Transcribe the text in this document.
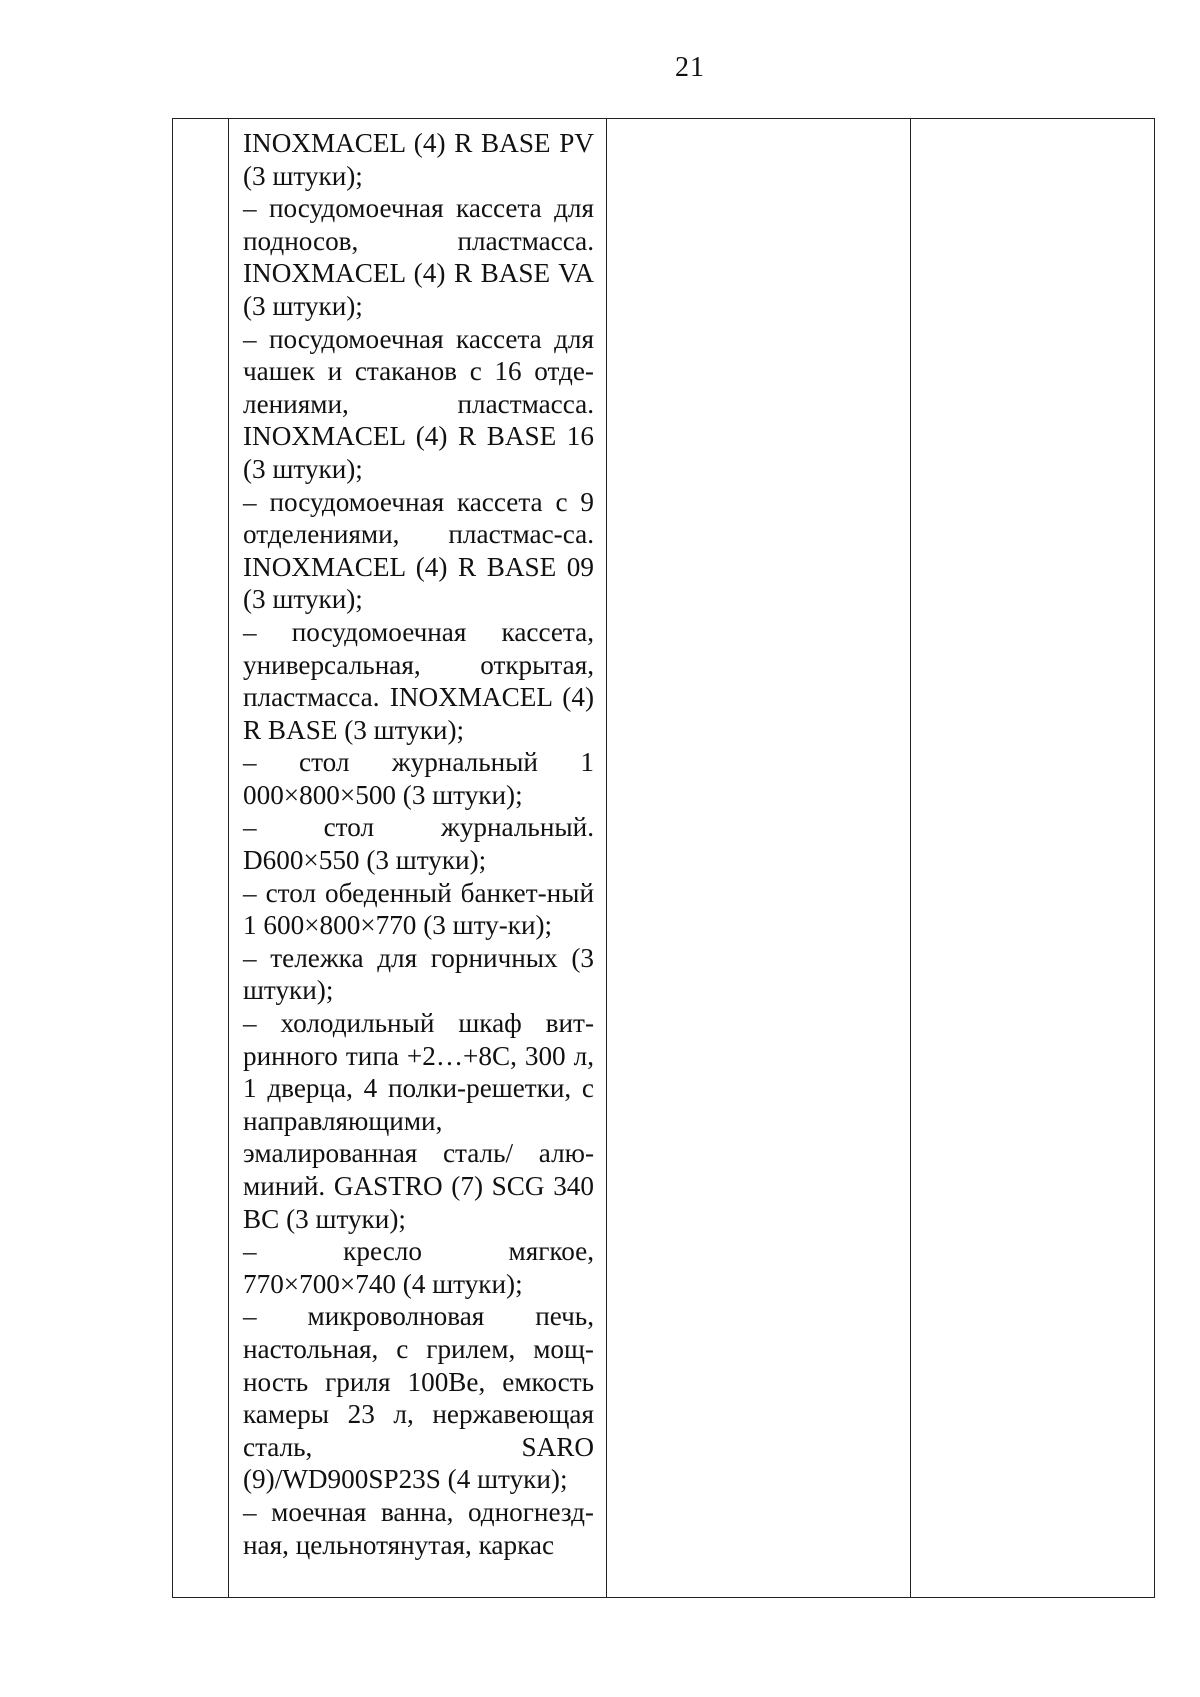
21

INOXMACEL (4) R BASE PV (3 штуки);
– посудомоечная кассета для подносов, пластмасса. INOXMACEL (4) R BASE VA (3 штуки);
– посудомоечная кассета для чашек и стаканов с 16 отде-лениями, пластмасса. INOXMACEL (4) R BASE 16 (3 штуки);
– посудомоечная кассета с 9 отделениями, пластмас-са. INOXMACEL (4) R BASE 09 (3 штуки);
– посудомоечная кассета, универсальная, открытая, пластмасса. INOXMACEL (4) R BASE (3 штуки);
– стол журнальный 1 000×800×500 (3 штуки);
– стол журнальный. D600×550 (3 штуки);
– стол обеденный банкет-ный 1 600×800×770 (3 шту-ки);
– тележка для горничных (3 штуки);
– холодильный шкаф вит-ринного типа +2…+8С, 300 л, 1 дверца, 4 полки-решетки, с направляющими, эмалированная сталь/ алю-миний. GASTRO (7) SCG 340 BC (3 штуки);
– кресло мягкое, 770×700×740 (4 штуки);
– микроволновая печь, настольная, с грилем, мощ-ность гриля 100Ве, емкость камеры 23 л, нержавеющая сталь, SARO (9)/WD900SP23S (4 штуки);
– моечная ванна, одногнезд-ная, цельнотянутая, каркас
